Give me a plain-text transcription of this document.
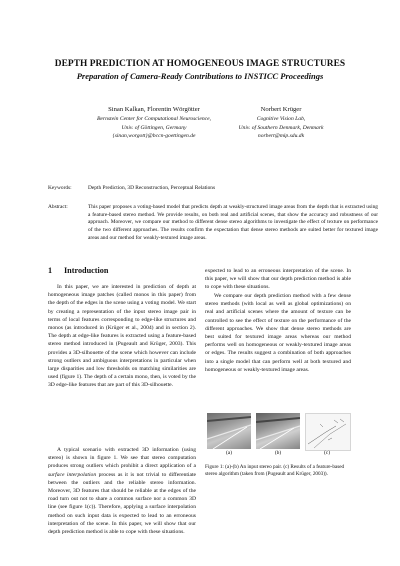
DEPTH PREDICTION AT HOMOGENEOUS IMAGE STRUCTURES
Preparation of Camera-Ready Contributions to INSTICC Proceedings
Sinan Kalkan, Florentin Wörgötter
Bernstein Center for Computational Neuroscience,
Univ. of Göttingen, Germany
{sinan,worgott}@bccn-goettingen.de
Norbert Krüger
Cognitive Vision Lab,
Univ. of Southern Denmark, Denmark
norbert@mip.sdu.dk
Keywords:	Depth Prediction, 3D Reconstruction, Perceptual Relations
Abstract:	This paper proposes a voting-based model that predicts depth at weakly-structured image areas from the depth that is extracted using a feature-based stereo method. We provide results, on both real and artificial scenes, that show the accuracy and robustness of our approach. Moreover, we compare our method to different dense stereo algorithms to investigate the effect of texture on performance of the two different approaches. The results confirm the expectation that dense stereo methods are suited better for textured image areas and our method for weakly-textured image areas.
1 Introduction
In this paper, we are interested in prediction of depth at homogeneous image patches (called monos in this paper) from the depth of the edges in the scene using a voting model. We start by creating a representation of the input stereo image pair in terms of local features corresponding to edge-like structures and monos (as introduced in (Krüger et al., 2004) and in section 2). The depth at edge-like features is extracted using a feature-based stereo method introduced in (Pugeault and Krüger, 2003). This provides a 3D-silhouette of the scene which however can include strong outliers and ambiguous interpretations in particular when large disparities and low thresholds on matching similarities are used (figure 1). The depth of a certain mono, then, is voted by the 3D edge-like features that are part of this 3D-silhouette.
A typical scenario with extracted 3D information (using stereo) is shown in figure 1. We see that stereo computation produces strong outliers which prohibit a direct application of a surface interpolation process as it is not trivial to differentiate between the outliers and the reliable stereo information. Moreover, 3D features that should be reliable at the edges of the road turn out not to share a common surface nor a common 3D line (see figure 1(c)). Therefore, applying a surface interpolation method on such input data is expected to lead to an erroneous interpretation of the scene. In this paper, we will show that our depth prediction method is able to cope with these situations.
expected to lead to an erroneous interpretation of the scene. In this paper, we will show that our depth prediction method is able to cope with these situations.
We compare our depth prediction method with a few dense stereo methods (with local as well as global optimizations) on real and artificial scenes where the amount of texture can be controlled to see the effect of texture on the performance of the different approaches. We show that dense stereo methods are best suited for textured image areas whereas our method performs well on homogeneous or weakly-textured image areas or edges. The results suggest a combination of both approaches into a single model that can perform well at both textured and homogeneous or weakly-textured image areas.
(a)	(b)	(c)
Figure 1: (a)-(b) An input stereo pair. (c) Results of a feature-based stereo algorithm (taken from (Pugeault and Krüger, 2003)).
